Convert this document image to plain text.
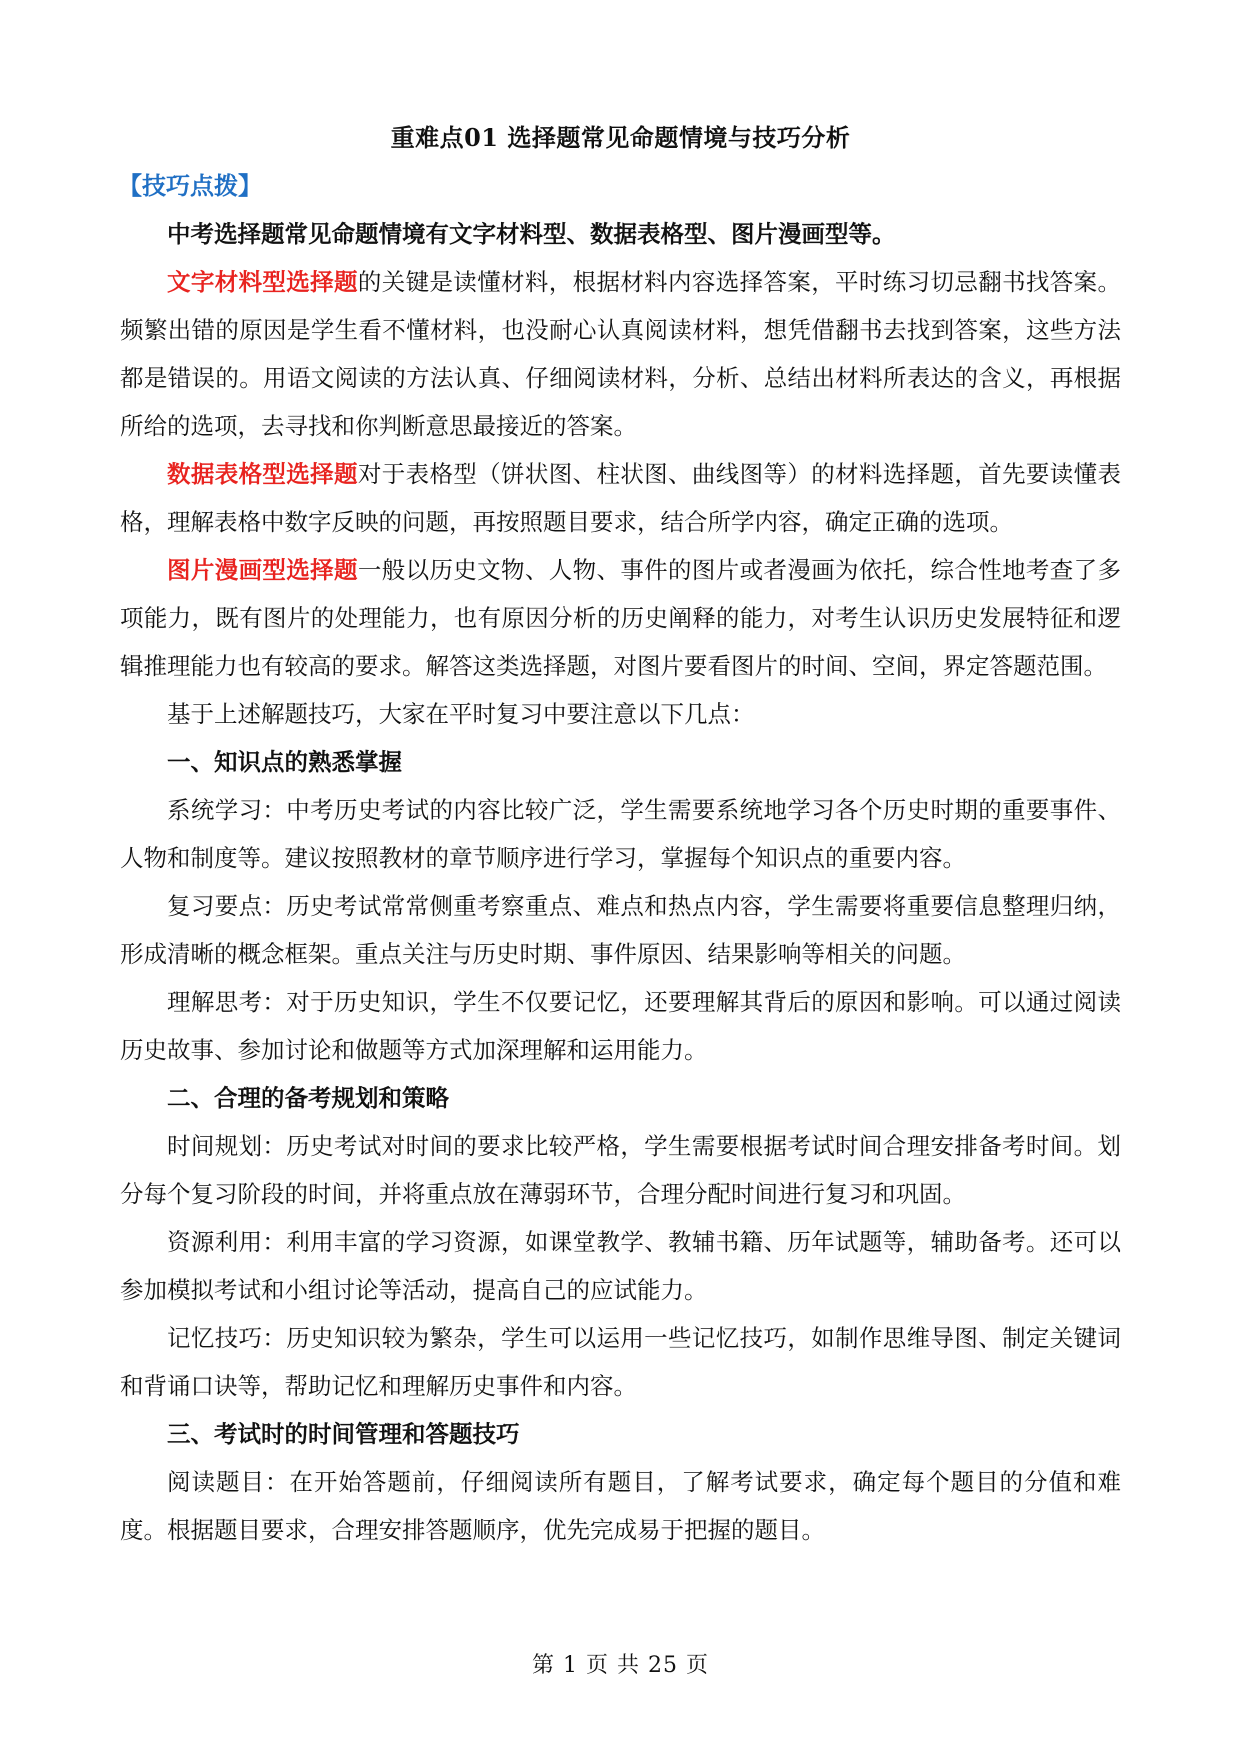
重难点01 选择题常见命题情境与技巧分析

【技巧点拨】

中考选择题常见命题情境有文字材料型、数据表格型、图片漫画型等。

文字材料型选择题的关键是读懂材料，根据材料内容选择答案，平时练习切忌翻书找答案。频繁出错的原因是学生看不懂材料，也没耐心认真阅读材料，想凭借翻书去找到答案，这些方法都是错误的。用语文阅读的方法认真、仔细阅读材料，分析、总结出材料所表达的含义，再根据所给的选项，去寻找和你判断意思最接近的答案。

数据表格型选择题对于表格型（饼状图、柱状图、曲线图等）的材料选择题，首先要读懂表格，理解表格中数字反映的问题，再按照题目要求，结合所学内容，确定正确的选项。

图片漫画型选择题一般以历史文物、人物、事件的图片或者漫画为依托，综合性地考查了多项能力，既有图片的处理能力，也有原因分析的历史阐释的能力，对考生认识历史发展特征和逻辑推理能力也有较高的要求。解答这类选择题，对图片要看图片的时间、空间，界定答题范围。

基于上述解题技巧，大家在平时复习中要注意以下几点：

一、知识点的熟悉掌握

系统学习：中考历史考试的内容比较广泛，学生需要系统地学习各个历史时期的重要事件、人物和制度等。建议按照教材的章节顺序进行学习，掌握每个知识点的重要内容。

复习要点：历史考试常常侧重考察重点、难点和热点内容，学生需要将重要信息整理归纳，形成清晰的概念框架。重点关注与历史时期、事件原因、结果影响等相关的问题。

理解思考：对于历史知识，学生不仅要记忆，还要理解其背后的原因和影响。可以通过阅读历史故事、参加讨论和做题等方式加深理解和运用能力。

二、合理的备考规划和策略

时间规划：历史考试对时间的要求比较严格，学生需要根据考试时间合理安排备考时间。划分每个复习阶段的时间，并将重点放在薄弱环节，合理分配时间进行复习和巩固。

资源利用：利用丰富的学习资源，如课堂教学、教辅书籍、历年试题等，辅助备考。还可以参加模拟考试和小组讨论等活动，提高自己的应试能力。

记忆技巧：历史知识较为繁杂，学生可以运用一些记忆技巧，如制作思维导图、制定关键词和背诵口诀等，帮助记忆和理解历史事件和内容。

三、考试时的时间管理和答题技巧

阅读题目：在开始答题前，仔细阅读所有题目，了解考试要求，确定每个题目的分值和难度。根据题目要求，合理安排答题顺序，优先完成易于把握的题目。

第 1 页 共 25 页
